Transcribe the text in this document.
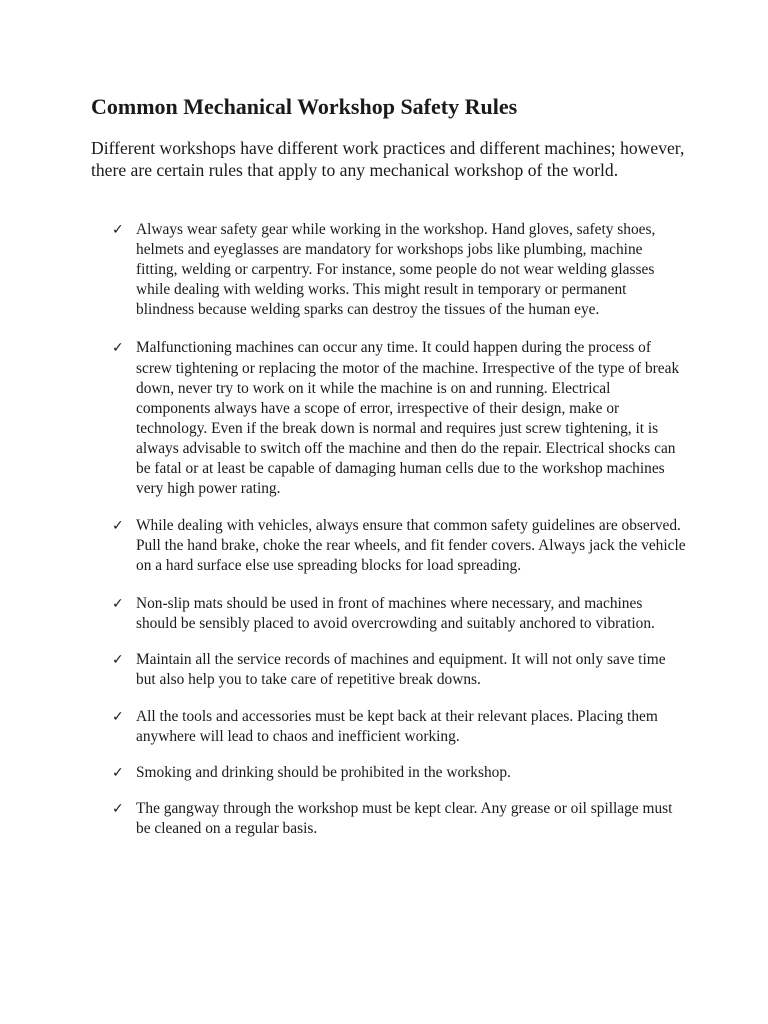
Common Mechanical Workshop Safety Rules

Different workshops have different work practices and different machines; however, there are certain rules that apply to any mechanical workshop of the world.

✓ Always wear safety gear while working in the workshop. Hand gloves, safety shoes, helmets and eyeglasses are mandatory for workshops jobs like plumbing, machine fitting, welding or carpentry. For instance, some people do not wear welding glasses while dealing with welding works. This might result in temporary or permanent blindness because welding sparks can destroy the tissues of the human eye.
✓ Malfunctioning machines can occur any time. It could happen during the process of screw tightening or replacing the motor of the machine. Irrespective of the type of break down, never try to work on it while the machine is on and running. Electrical components always have a scope of error, irrespective of their design, make or technology. Even if the break down is normal and requires just screw tightening, it is always advisable to switch off the machine and then do the repair. Electrical shocks can be fatal or at least be capable of damaging human cells due to the workshop machines very high power rating.
✓ While dealing with vehicles, always ensure that common safety guidelines are observed. Pull the hand brake, choke the rear wheels, and fit fender covers. Always jack the vehicle on a hard surface else use spreading blocks for load spreading.
✓ Non-slip mats should be used in front of machines where necessary, and machines should be sensibly placed to avoid overcrowding and suitably anchored to vibration.
✓ Maintain all the service records of machines and equipment. It will not only save time but also help you to take care of repetitive break downs.
✓ All the tools and accessories must be kept back at their relevant places. Placing them anywhere will lead to chaos and inefficient working.
✓ Smoking and drinking should be prohibited in the workshop.
✓ The gangway through the workshop must be kept clear. Any grease or oil spillage must be cleaned on a regular basis.
